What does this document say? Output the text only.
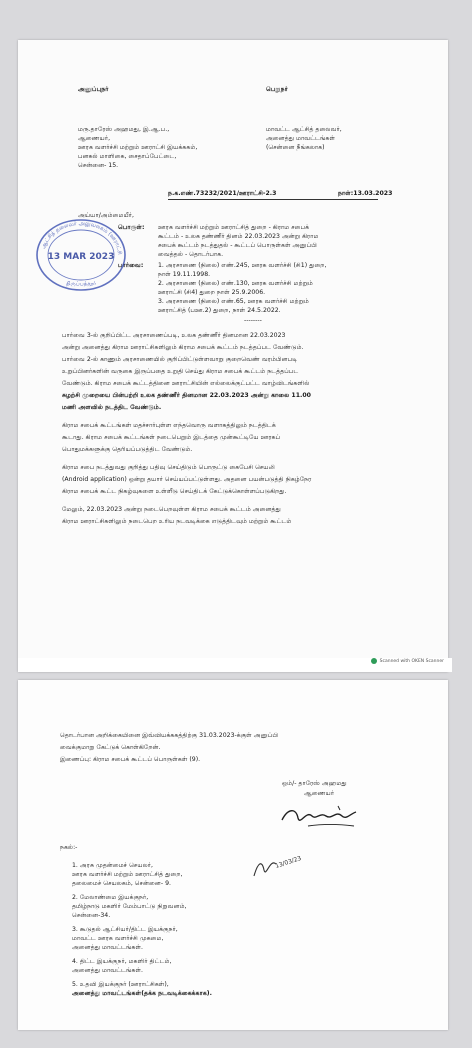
அனுப்புநர்	பெறுநர்
மரு.தாரேஸ் அஹமது, இ.ஆ.ப.,
ஆணையர்,
ஊரக வளர்ச்சி மற்றும் ஊராட்சி இயக்ககம்,
பனகல் மாளிகை, சைதாப்பேட்டை,
சென்னை- 15.
மாவட்ட ஆட்சித் தலைவர்,
அனைத்து மாவட்டங்கள்
(சென்னை நீங்கலாக)
ந.க.எண்.73232/2021/ஊராட்சி-2.3	நாள்:13.03.2023
அய்யா/அம்மையீர்,
பொருள்: ஊரக வளர்ச்சி மற்றும் ஊராட்சித் துறை - கிராம சபைக்
கூட்டம் - உலக தண்ணீர் தினம் 22.03.2023 அன்று கிராம
சபைக் கூட்டம் நடத்துதல் - கூட்டப் பொருள்கள் அனுப்பி
வைத்தல் - தொடர்பாக.
பார்வை: 1. அரசாணை (நிலை) எண்.245, ஊரக வளர்ச்சி (சி1) துறை,
நாள் 19.11.1998.
2. அரசாணை (நிலை) எண்.130, ஊரக வளர்ச்சி மற்றும்
ஊராட்சி (சி4) துறை நாள் 25.9.2006.
3. அரசாணை (நிலை) எண்.65, ஊரக வளர்ச்சி மற்றும்
ஊராட்சித் (பஊ.2) துறை, நாள் 24.5.2022.
--------
பார்வை 3-ல் குறிப்பிட்ட அரசாணைப்படி, உலக தண்ணீர் தினமான 22.03.2023
அன்று அனைத்து கிராம ஊராட்சிகளிலும் கிராம சபைக் கூட்டம் நடத்தப்பட வேண்டும்.
பார்வை 2-ல் காணும் அரசாணையில் குறிப்பிட்டுள்ளவாறு குறைவெண் வரம்பினபடி
உறுப்பினர்களின் வருகை இருப்பதை உறுதி செய்து கிராம சபைக் கூட்டம் நடத்தப்பட
வேண்டும். கிராம சபைக் கூட்டத்தினை ஊராட்சியின் எல்லைக்குட்பட்ட வாழ்விடங்களில்
சுழற்சி முறையை பின்பற்றி உலக தண்ணீர் தினமான 22.03.2023 அன்று காலை 11.00
மணி அளவில் நடத்திட வேண்டும்.
கிராம சபைக் கூட்டங்கள் மதச்சார்புள்ள எந்தவொரு வளாகத்திலும் நடத்திடக்
கூடாது. கிராம சபைக் கூட்டங்கள் நடைபெறும் இடத்தை முன்கூட்டியே ஊரகப்
பொதுமக்களுக்கு தெரியப்படுத்திட வேண்டும்.
கிராம சபை நடத்துவது குறித்து பதிவு செய்திடும் பொருட்டு கைபேசி செயலி
(Android application) ஒன்று தயார் செய்யப்பட்டுள்ளது. அதனை பயன்படுத்தி நிகழ்நேர
கிராம சபைக் கூட்ட நிகழ்வுகளை உள்ளீடு செய்திடக் கேட்டுக்கொள்ளப்படுகிறது.
மேலும், 22.03.2023 அன்று நடைபெறவுள்ள கிராம சபைக் கூட்டம் அனைத்து
கிராம ஊராட்சிகளிலும் நடைபெற உரிய நடவடிக்கை எடுத்திடவும் மற்றும் கூட்டம்
ஆட்சித் தலைவர் அலுவலகம் (ஊராட்சி
13 MAR 2023
திருப்பத்தூர்
Scanned with OKEN Scanner
தொடர்பான அறிக்கையினை இவ்வியக்ககத்திற்கு 31.03.2023-க்குள் அனுப்பி
வைக்குமாறு கேட்டுக் கொள்கிறேன்.
இணைப்பு: கிராம சபைக் கூட்டப் பொருள்கள் (9).
ஒம்/- தாரேஸ் அஹமது
ஆணையர்
13/03/23
நகல்:-
1. அரசு முதன்மைச் செயலர்,
ஊரக வளர்ச்சி மற்றும் ஊராட்சித் துறை,
தலைமைச் செயலகம், சென்னை- 9.
2. மேலாண்மை இயக்குநர்,
தமிழ்நாடு மகளிர் மேம்பாட்டு நிறுவனம்,
சென்னை-34.
3. கூடுதல் ஆட்சியர்/திட்ட இயக்குநர்,
மாவட்ட ஊரக வளர்ச்சி முகமை,
அனைத்து மாவட்டங்கள்.
4. திட்ட இயக்குநர், மகளிர் திட்டம்,
அனைத்து மாவட்டங்கள்.
5. உதவி இயக்குநர் (ஊராட்சிகள்),
அனைத்து மாவட்டங்கள்(தக்க நடவடிக்கைக்காக).
